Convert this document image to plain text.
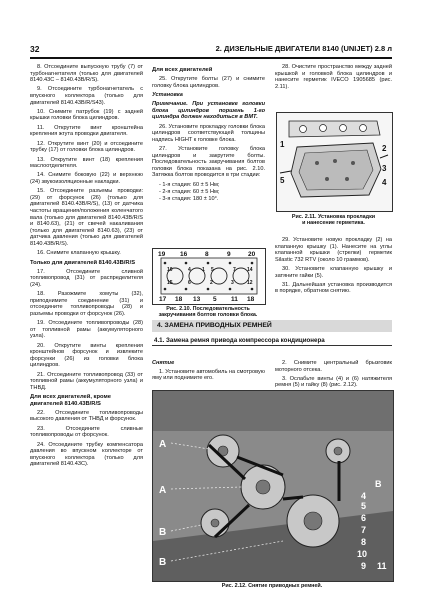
32	2. ДИЗЕЛЬНЫЕ ДВИГАТЕЛИ 8140 (UNIJET) 2.8 л

8. Отсоедините выпускную трубу (7) от турбонагнетателя (только для двигателей 8140.43С – 8140.43В/R/S).

9. Отсоедините турбонагнетатель с впускного коллектора (только для двигателей 8140.43В/R/S43).

10. Снимите патрубок (19) с задней крышки головки блока цилиндров.

11. Открутите винт кронштейна крепления жгута проводки двигателя.

12. Открутите винт (20) и отсоедините трубку (17) от головки блока цилиндров.

13. Открутите винт (18) крепления маслоотделителя.

14. Снимите боковую (22) и верхнюю (24) звукоизоляционные накладки.

15. Отсоедините разъемы проводки: (29) от форсунок (26) (только для двигателей 8140.43В/R/S), (13) от датчика частоты вращения/положения коленчатого вала (только для двигателей 8140.43В/R/S и 8140.63), (21) от свечей накаливания (только для двигателей 8140.63), (23) от датчика давления (только для двигателей 8140.43В/R/S).

16. Снимите клапанную крышку.

Только для двигателей 8140.43В/R/S

17. Отсоедините сливной топливопровод (31) от распределителя (24).

18. Разожмите хомуты (32), приподнимите соединение (31) и отсоедините топливопроводы (28) и разъемы проводки от форсунок (26).

19. Отсоедините топливопроводы (28) от топливной рамы (аккумуляторного узла).

20. Открутите винты крепления кронштейнов форсунок и извлеките форсунки (26) из головки блока цилиндров.

21. Отсоедините топливопровод (33) от топливной рамы (аккумуляторного узла) и ТНВД.

Для всех двигателей, кроме двигателей 8140.43В/R/S

22. Отсоедините топливопроводы высокого давления от ТНВД и форсунок.

23. Отсоедините сливные топливопроводы от форсунок.

24. Отсоедините трубку компенсатора давления во впускном коллекторе от впускного коллектора (только для двигателей 8140.43С).

Для всех двигателей

25. Открутите болты (27) и снимите головку блока цилиндров.

Установка

Примечание. При установке головки блока цилиндров поршень 1-го цилиндра должен находиться в ВМТ.

26. Установите прокладку головки блока цилиндров соответствующей толщины надпись HIGHT к головке блока.

27. Установите головку блока цилиндров и закрутите болты. Последовательность закручивания болтов головки блока показана на рис. 2.10. Затяжка болтов проводится в три стадии:

- 1-я стадия: 60 ± 5 Нм;

- 2-я стадия: 60 ± 5 Нм;

- 3-я стадия: 180 ± 10°.

19 16	8	9	20
10	4 1 5	7 14
15	6	2	3	12
17 18 13 5 11 18
Рис. 2.10. Последовательность закручивания болтов головки блока.

28. Очистите пространство между задней крышкой и головкой блока цилиндров и нанесите герметик IVECO 1905685 (рис. 2.11).

1	2
3
4
5
Рис. 2.11. Установка прокладки и нанесение герметика.

29. Установите новую прокладку (2) на клапанную крышку (1). Нанесите на углы клапанной крышки (стрелки) герметик Silastic 732 RTV (около 10 граммов).

30. Установите клапанную крышку и затяните гайки (5).

31. Дальнейшая установка производится в порядке, обратном снятию.

4. ЗАМЕНА ПРИВОДНЫХ РЕМНЕЙ
4.1. Замена ремня привода компрессора кондиционера
Снятие

1. Установите автомобиль на смотровую яму или поднимите его.

2. Снимите центральный брызговик моторного отсека.

3. Ослабьте винты (4) и (6) натяжителя ремня (5) и гайку (8) (рис. 2.12).

A
A
B
B
5
6
7
8
10
9 11
4
B
Рис. 2.12. Снятие приводных ремней.
